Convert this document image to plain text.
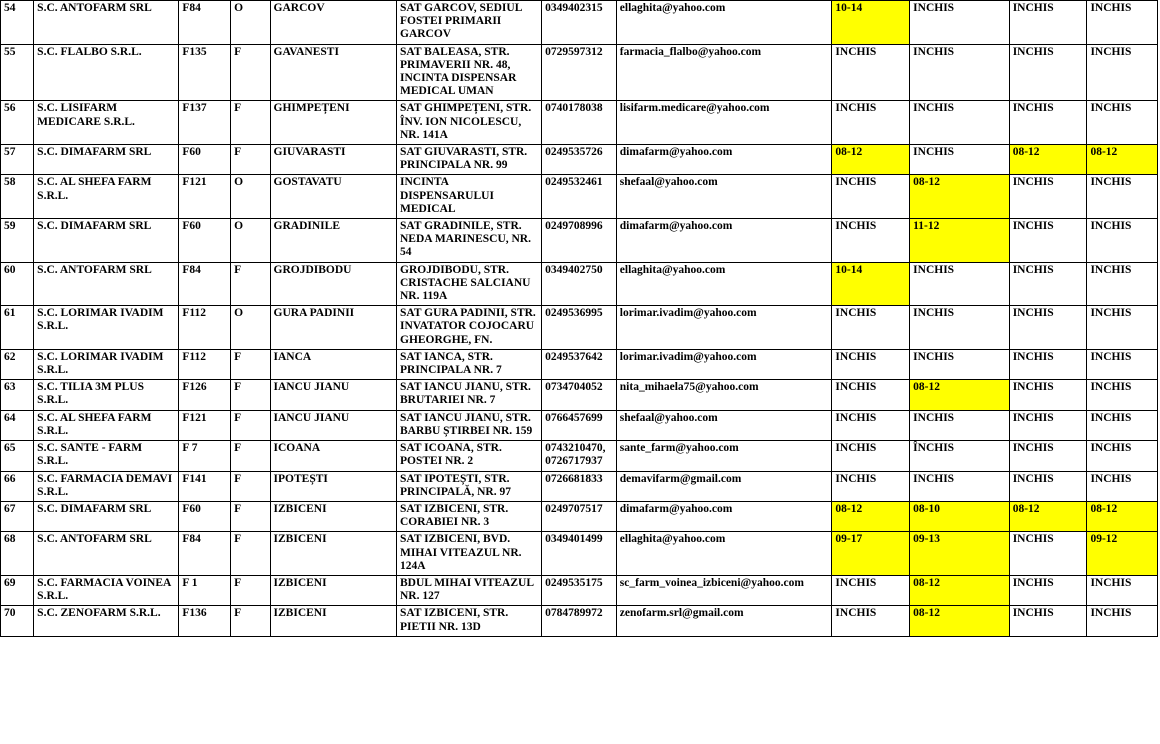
54	S.C. ANTOFARM SRL	F84	O	GARCOV	SAT GARCOV, SEDIUL FOSTEI PRIMARII GARCOV	0349402315	ellaghita@yahoo.com	10-14	INCHIS	INCHIS	INCHIS
55	S.C. FLALBO S.R.L.	F135	F	GAVANESTI	SAT BALEASA, STR. PRIMAVERII NR. 48, INCINTA DISPENSAR MEDICAL UMAN	0729597312	farmacia_flalbo@yahoo.com	INCHIS	INCHIS	INCHIS	INCHIS
56	S.C. LISIFARM MEDICARE S.R.L.	F137	F	GHIMPEȚENI	SAT GHIMPEȚENI, STR. ÎNV. ION NICOLESCU, NR. 141A	0740178038	lisifarm.medicare@yahoo.com	INCHIS	INCHIS	INCHIS	INCHIS
57	S.C. DIMAFARM SRL	F60	F	GIUVARASTI	SAT GIUVARASTI, STR. PRINCIPALA NR. 99	0249535726	dimafarm@yahoo.com	08-12	INCHIS	08-12	08-12
58	S.C. AL SHEFA FARM S.R.L.	F121	O	GOSTAVATU	INCINTA DISPENSARULUI MEDICAL	0249532461	shefaal@yahoo.com	INCHIS	08-12	INCHIS	INCHIS
59	S.C. DIMAFARM SRL	F60	O	GRADINILE	SAT GRADINILE, STR. NEDA MARINESCU, NR. 54	0249708996	dimafarm@yahoo.com	INCHIS	11-12	INCHIS	INCHIS
60	S.C. ANTOFARM SRL	F84	F	GROJDIBODU	GROJDIBODU, STR. CRISTACHE SALCIANU NR. 119A	0349402750	ellaghita@yahoo.com	10-14	INCHIS	INCHIS	INCHIS
61	S.C. LORIMAR IVADIM S.R.L.	F112	O	GURA PADINII	SAT GURA PADINII, STR. INVATATOR COJOCARU GHEORGHE, FN.	0249536995	lorimar.ivadim@yahoo.com	INCHIS	INCHIS	INCHIS	INCHIS
62	S.C. LORIMAR IVADIM S.R.L.	F112	F	IANCA	SAT IANCA, STR. PRINCIPALA NR. 7	0249537642	lorimar.ivadim@yahoo.com	INCHIS	INCHIS	INCHIS	INCHIS
63	S.C. TILIA 3M PLUS S.R.L.	F126	F	IANCU JIANU	SAT IANCU JIANU, STR. BRUTARIEI NR. 7	0734704052	nita_mihaela75@yahoo.com	INCHIS	08-12	INCHIS	INCHIS
64	S.C. AL SHEFA FARM S.R.L.	F121	F	IANCU JIANU	SAT IANCU JIANU, STR. BARBU ȘTIRBEI NR. 159	0766457699	shefaal@yahoo.com	INCHIS	INCHIS	INCHIS	INCHIS
65	S.C. SANTE - FARM S.R.L.	F 7	F	ICOANA	SAT ICOANA, STR. POSTEI NR. 2	0743210470, 0726717937	sante_farm@yahoo.com	INCHIS	ÎNCHIS	INCHIS	INCHIS
66	S.C. FARMACIA DEMAVI S.R.L.	F141	F	IPOTEȘTI	SAT IPOTEȘTI, STR. PRINCIPALĂ, NR. 97	0726681833	demavifarm@gmail.com	INCHIS	INCHIS	INCHIS	INCHIS
67	S.C. DIMAFARM SRL	F60	F	IZBICENI	SAT IZBICENI, STR. CORABIEI NR. 3	0249707517	dimafarm@yahoo.com	08-12	08-10	08-12	08-12
68	S.C. ANTOFARM SRL	F84	F	IZBICENI	SAT IZBICENI, BVD. MIHAI VITEAZUL NR. 124A	0349401499	ellaghita@yahoo.com	09-17	09-13	INCHIS	09-12
69	S.C. FARMACIA VOINEA S.R.L.	F 1	F	IZBICENI	BDUL MIHAI VITEAZUL NR. 127	0249535175	sc_farm_voinea_izbiceni@yahoo.com	INCHIS	08-12	INCHIS	INCHIS
70	S.C. ZENOFARM S.R.L.	F136	F	IZBICENI	SAT IZBICENI, STR. PIETII NR. 13D	0784789972	zenofarm.srl@gmail.com	INCHIS	08-12	INCHIS	INCHIS
